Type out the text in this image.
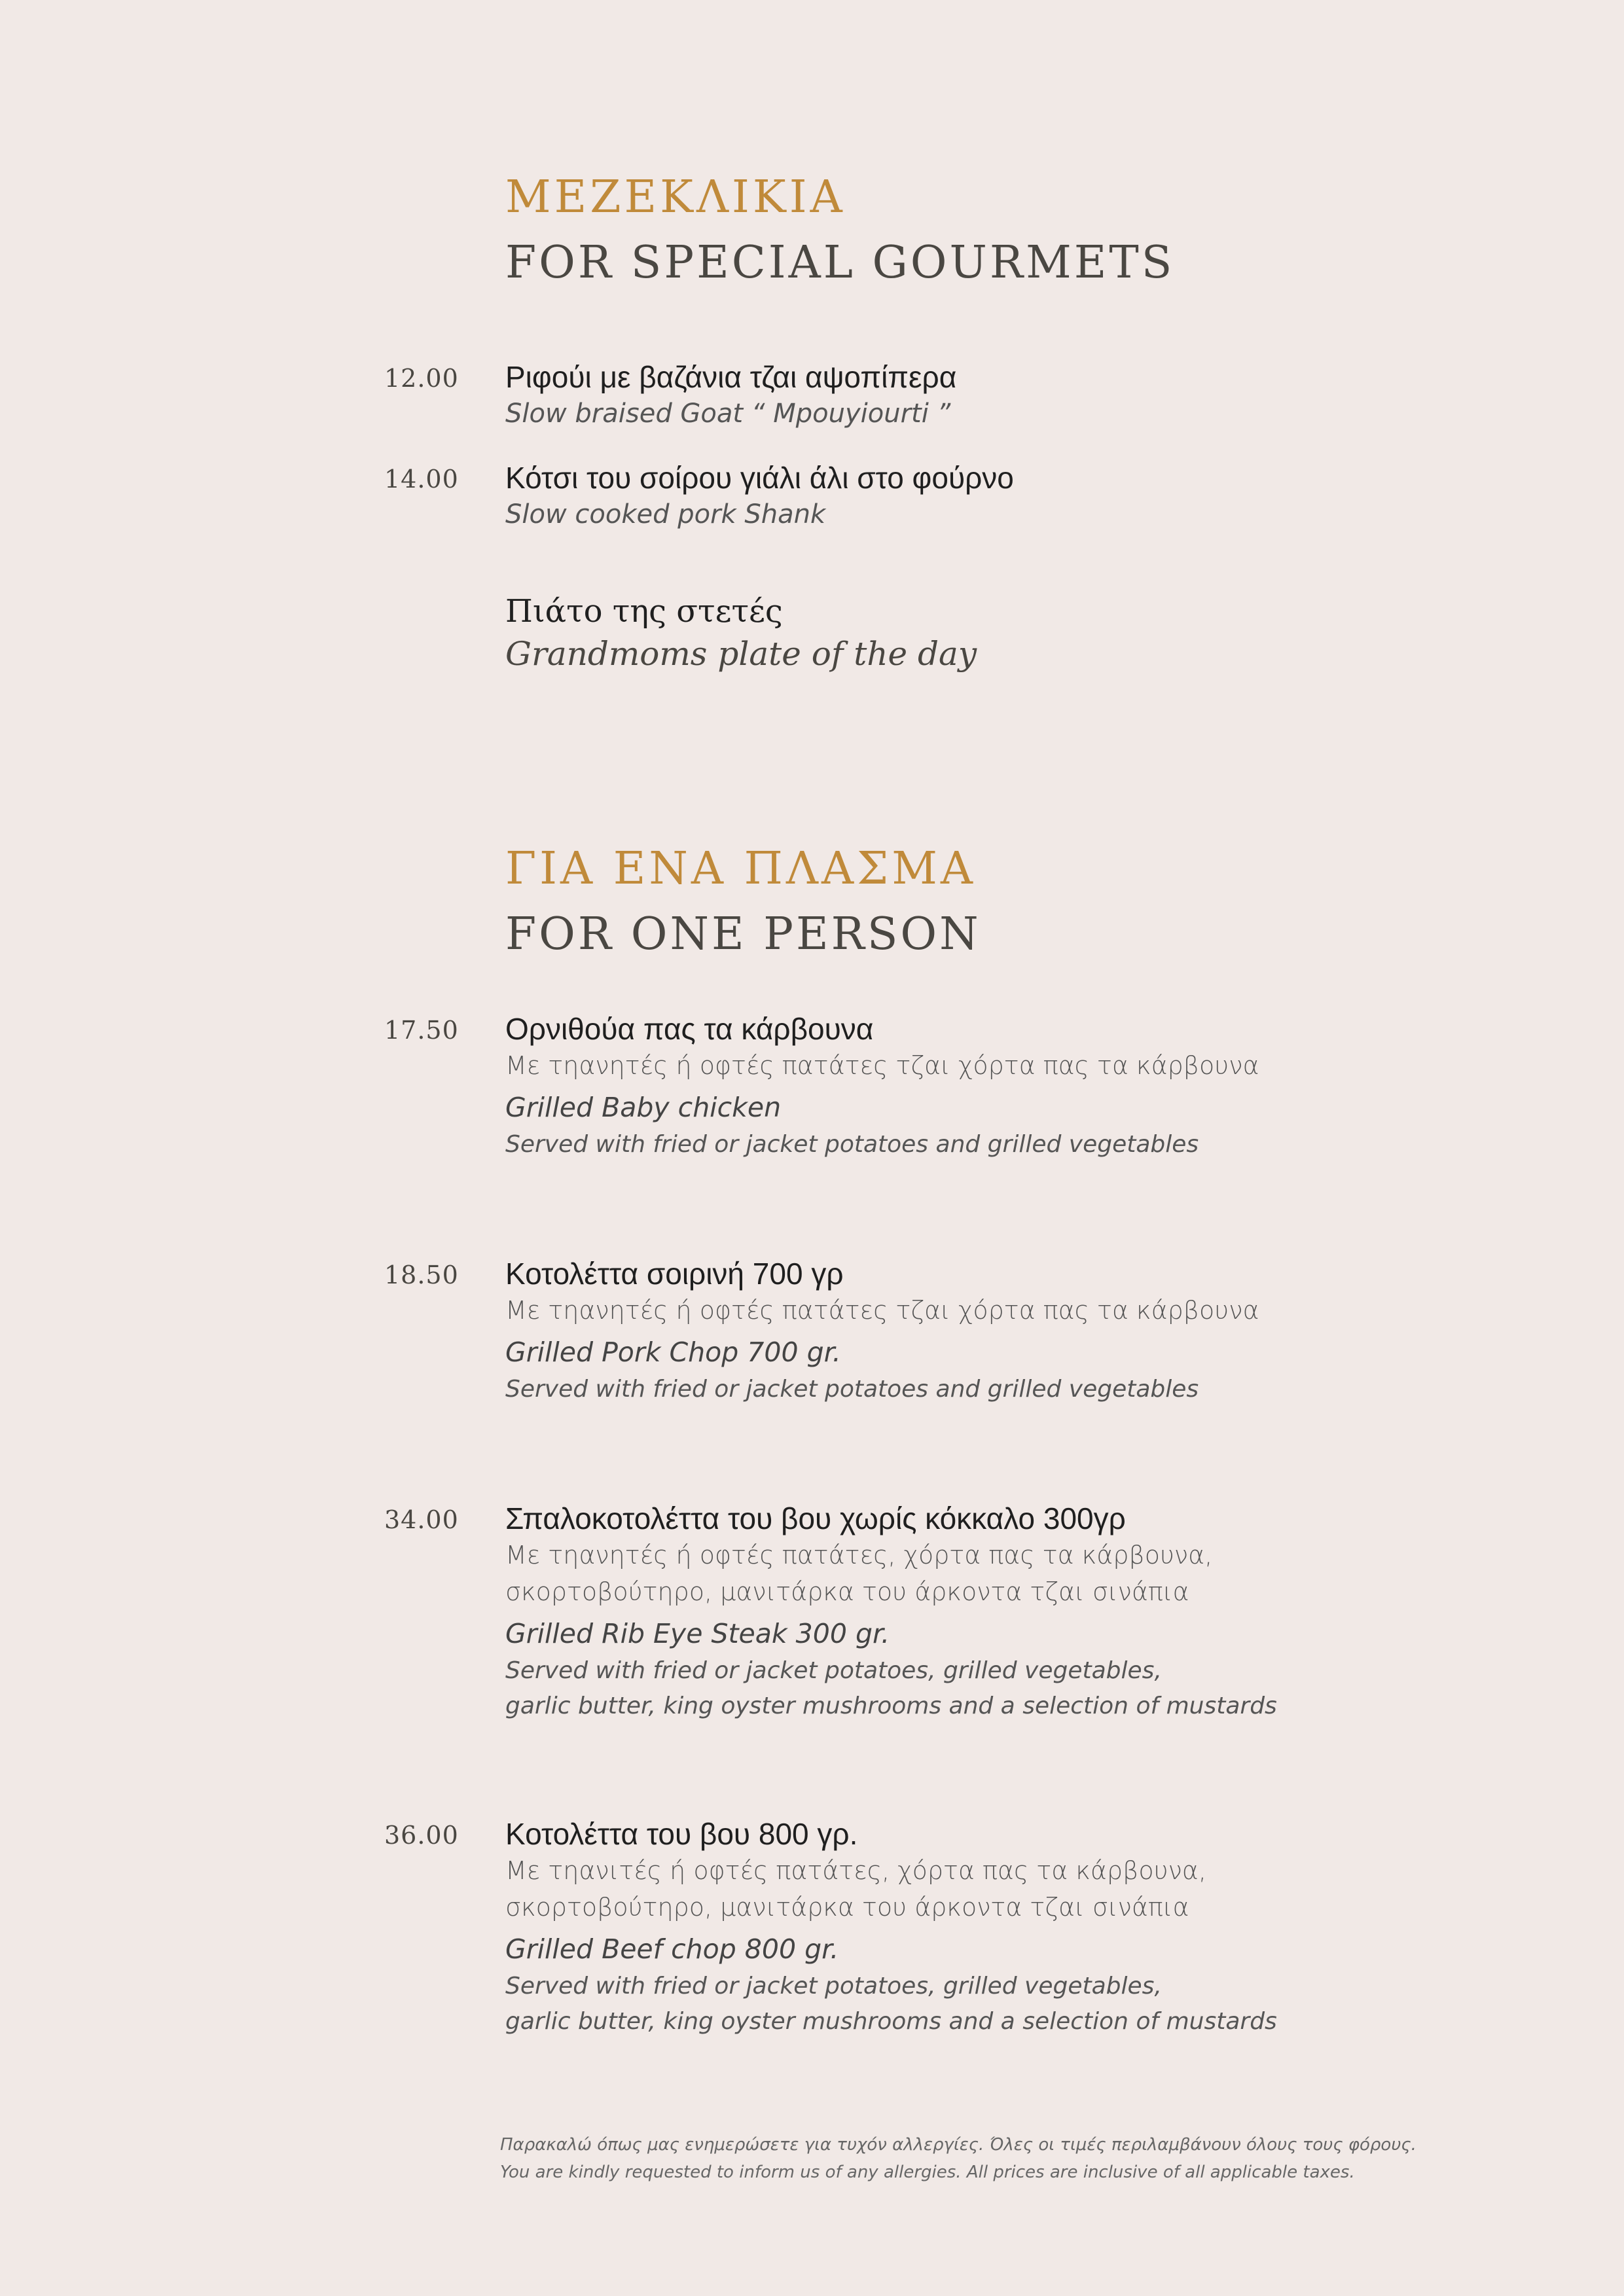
ΜΕΖΕΚΛΙΚΙΑ
FOR SPECIAL GOURMETS
12.00 Ριφούι με βαζάνια τζαι αψοπίπερα
Slow braised Goat “ Μpouyiourti ”
14.00 Κότσι του σοίρου γιάλι άλι στο φούρνο
Slow cooked pork Shank
Πιάτο της στετές
Grandmoms plate of the day
ΓΙΑ ΕΝΑ ΠΛΑΣΜΑ
FOR ONE PERSON
17.50 Ορνιθούα πας τα κάρβουνα
Με τηανητές ή οφτές πατάτες τζαι χόρτα πας τα κάρβουνα
Grilled Baby chicken
Served with fried or jacket potatoes and grilled vegetables
18.50 Κοτολέττα σοιρινή 700 γρ
Με τηανητές ή οφτές πατάτες τζαι χόρτα πας τα κάρβουνα
Grilled Pork Chop 700 gr.
Served with fried or jacket potatoes and grilled vegetables
34.00 Σπαλοκοτολέττα του βου χωρίς κόκκαλο 300γρ
Με τηανητές ή οφτές πατάτες, χόρτα πας τα κάρβουνα,
σκορτοβούτηρο, μανιτάρκα του άρκοντα τζαι σινάπια
Grilled Rib Eye Steak 300 gr.
Served with fried or jacket potatoes, grilled vegetables,
garlic butter, king oyster mushrooms and a selection of mustards
36.00 Κοτολέττα του βου 800 γρ.
Με τηανιτές ή οφτές πατάτες, χόρτα πας τα κάρβουνα,
σκορτοβούτηρο, μανιτάρκα του άρκοντα τζαι σινάπια
Grilled Beef chop 800 gr.
Served with fried or jacket potatoes, grilled vegetables,
garlic butter, king oyster mushrooms and a selection of mustards
Παρακαλώ όπως μας ενημερώσετε για τυχόν αλλεργίες. Όλες οι τιμές περιλαμβάνουν όλους τους φόρους.
You are kindly requested to inform us of any allergies. All prices are inclusive of all applicable taxes.
